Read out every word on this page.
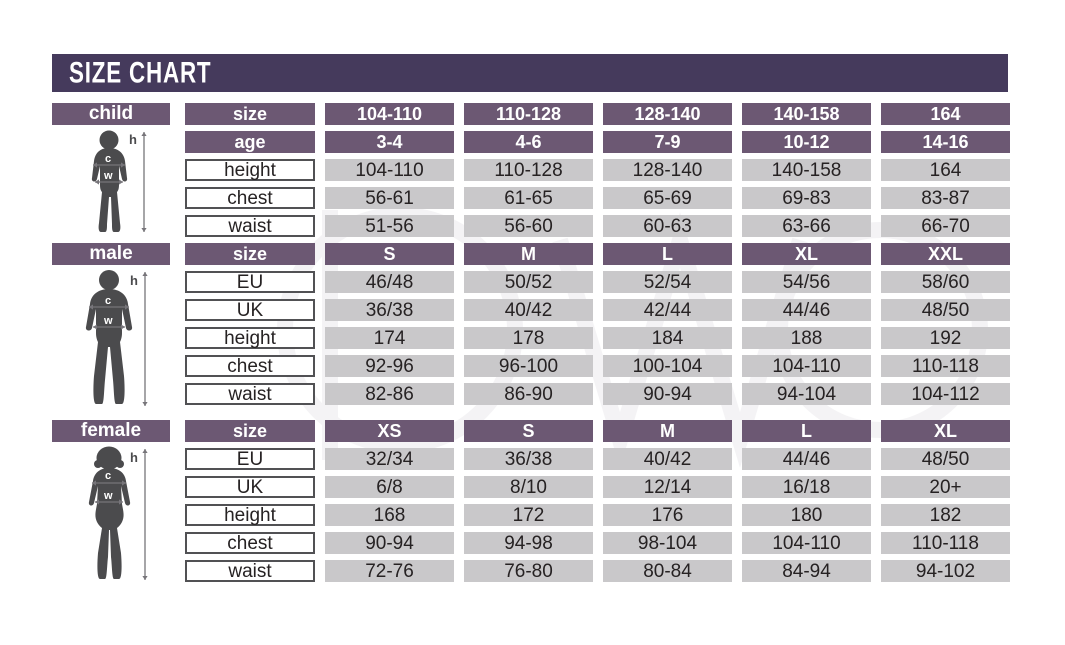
SIZE CHART
child
c
w
h
size	104-110	110-128	128-140	140-158	164
age	3-4	4-6	7-9	10-12	14-16
height	104-110	110-128	128-140	140-158	164
chest	56-61	61-65	65-69	69-83	83-87
waist	51-56	56-60	60-63	63-66	66-70
male
c
w
h
size	S	M	L	XL	XXL
EU	46/48	50/52	52/54	54/56	58/60
UK	36/38	40/42	42/44	44/46	48/50
height	174	178	184	188	192
chest	92-96	96-100	100-104	104-110	110-118
waist	82-86	86-90	90-94	94-104	104-112
female
c
w
h
size	XS	S	M	L	XL
EU	32/34	36/38	40/42	44/46	48/50
UK	6/8	8/10	12/14	16/18	20+
height	168	172	176	180	182
chest	90-94	94-98	98-104	104-110	110-118
waist	72-76	76-80	80-84	84-94	94-102
